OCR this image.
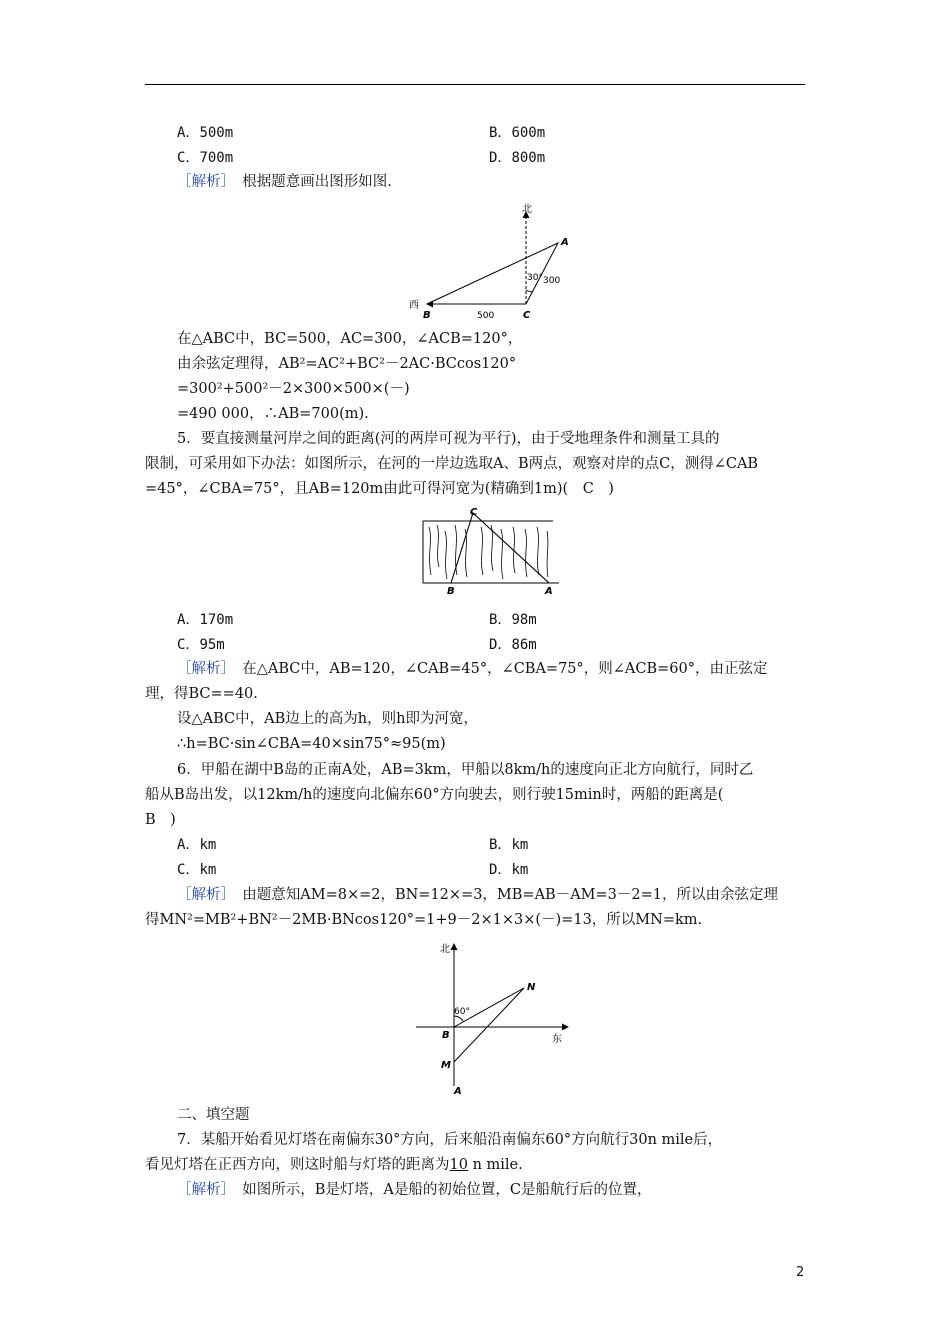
A．500m	B．600m
C．700m	D．800m
［解析］　 根据题意画出图形如图.
北
西
A
B	C
30° 300
500
在△ABC中，BC=500，AC=300，∠ACB=120°，
由余弦定理得，AB²=AC²+BC²－2AC·BCcos120°
=300²+500²－2×300×500×(－)
=490 000，∴AB=700(m).
5．要直接测量河岸之间的距离(河的两岸可视为平行)，由于受地理条件和测量工具的
限制，可采用如下办法：如图所示，在河的一岸边选取A、B两点，观察对岸的点C，测得∠CAB
=45°，∠CBA=75°，且AB=120m由此可得河宽为(精确到1m)(　C　)
C
B	A
A．170m	B．98m
C．95m	D．86m
［解析］　 在△ABC中，AB=120，∠CAB=45°，∠CBA=75°，则∠ACB=60°，由正弦定
理，得BC==40.
设△ABC中，AB边上的高为h，则h即为河宽，
∴h=BC·sin∠CBA=40×sin75°≈95(m)
6．甲船在湖中B岛的正南A处，AB=3km，甲船以8km/h的速度向正北方向航行，同时乙
船从B岛出发，以12km/h的速度向北偏东60°方向驶去，则行驶15min时，两船的距离是(
B　)
A．km	B．km
C．km	D．km
［解析］　 由题意知AM=8×=2，BN=12×=3，MB=AB－AM=3－2=1，所以由余弦定理
得MN²=MB²+BN²－2MB·BNcos120°=1+9－2×1×3×(－)=13，所以MN=km.
北
东
60°
N
B
M
A
二、填空题
7．某船开始看见灯塔在南偏东30°方向，后来船沿南偏东60°方向航行30n mile后，
看见灯塔在正西方向，则这时船与灯塔的距离为10 n mile.
［解析］　 如图所示，B是灯塔，A是船的初始位置，C是船航行后的位置，
2
